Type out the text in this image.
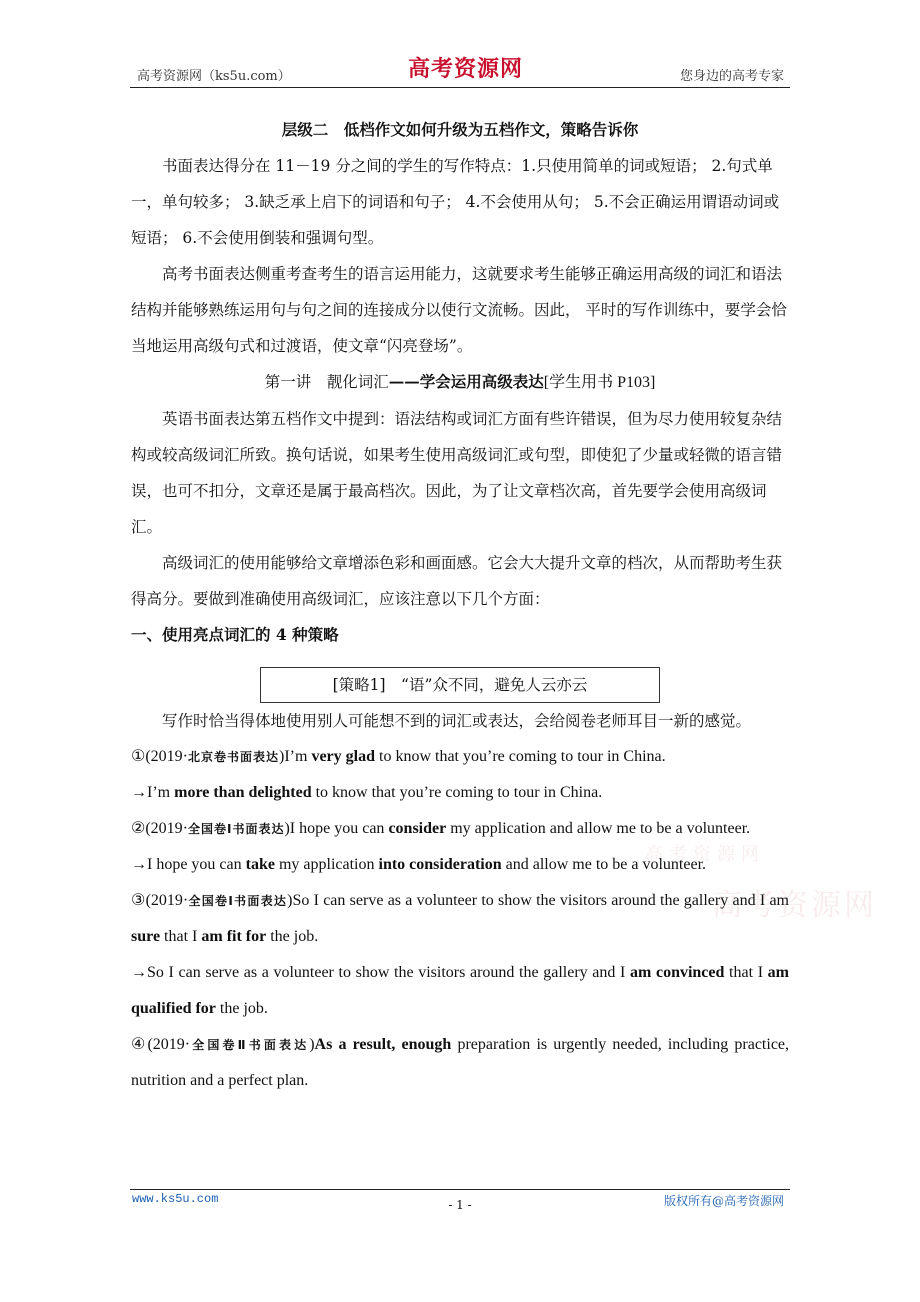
高考资源网（ks5u.com）	高考资源网	您身边的高考专家
高考资源网
高考资源网

层级二　低档作文如何升级为五档作文，策略告诉你

书面表达得分在 11－19 分之间的学生的写作特点：1.只使用简单的词或短语； 2.句式单一，单句较多； 3.缺乏承上启下的词语和句子； 4.不会使用从句； 5.不会正确运用谓语动词或短语； 6.不会使用倒装和强调句型。

高考书面表达侧重考查考生的语言运用能力，这就要求考生能够正确运用高级的词汇和语法结构并能够熟练运用句与句之间的连接成分以使行文流畅。因此， 平时的写作训练中，要学会恰当地运用高级句式和过渡语，使文章“闪亮登场”。

第一讲　靓化词汇——学会运用高级表达[学生用书 P103]

英语书面表达第五档作文中提到：语法结构或词汇方面有些许错误，但为尽力使用较复杂结构或较高级词汇所致。换句话说，如果考生使用高级词汇或句型，即使犯了少量或轻微的语言错误，也可不扣分，文章还是属于最高档次。因此，为了让文章档次高，首先要学会使用高级词汇。

高级词汇的使用能够给文章增添色彩和画面感。它会大大提升文章的档次，从而帮助考生获得高分。要做到准确使用高级词汇，应该注意以下几个方面：

一、使用亮点词汇的 4 种策略

[策略1]　“语”众不同，避免人云亦云

写作时恰当得体地使用别人可能想不到的词汇或表达，会给阅卷老师耳目一新的感觉。

①(2019·北京卷书面表达)I’m very glad to know that you’re coming to tour in China.

→I’m more than delighted to know that you’re coming to tour in China.

②(2019·全国卷Ⅰ书面表达)I hope you can consider my application and allow me to be a volunteer.

→I hope you can take my application into consideration and allow me to be a volunteer.

③(2019·全国卷Ⅰ书面表达)So I can serve as a volunteer to show the visitors around the gallery and I am sure that I am fit for the job.

→So I can serve as a volunteer to show the visitors around the gallery and I am convinced that I am qualified for the job.

④(2019·全国卷Ⅱ书面表达)As a result, enough preparation is urgently needed, including practice, nutrition and a perfect plan.

www.ks5u.com	- 1 -	版权所有@高考资源网
